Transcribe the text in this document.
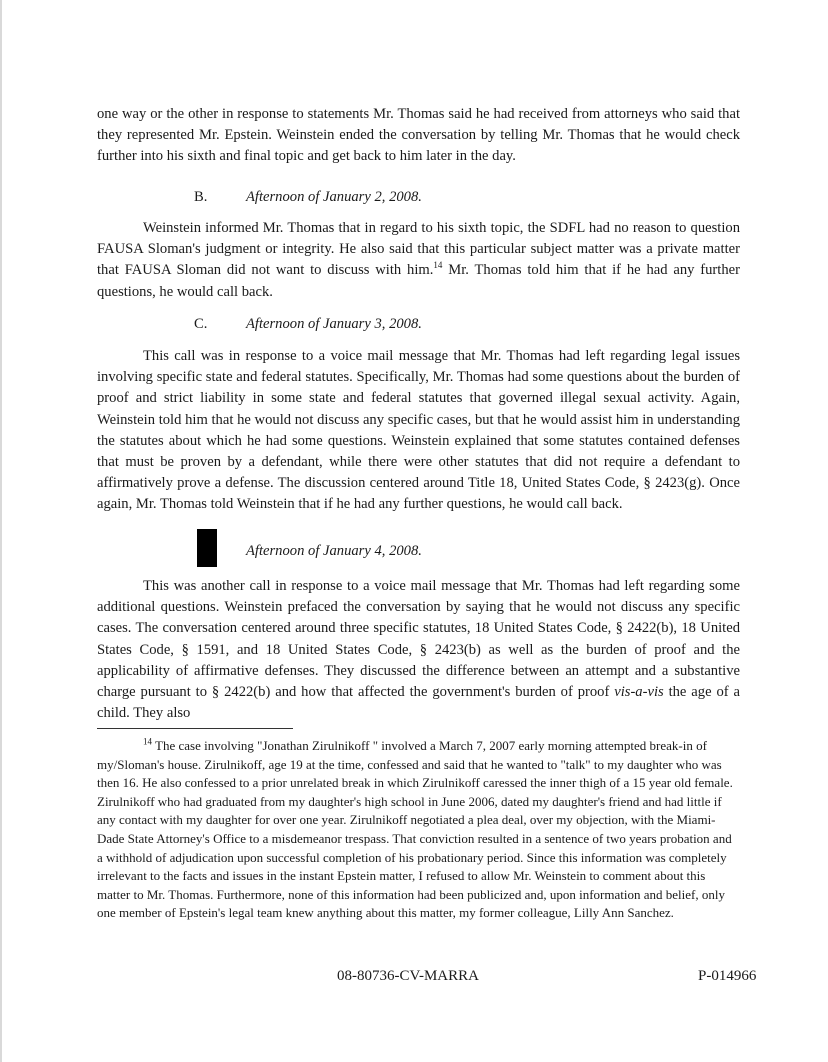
one way or the other in response to statements Mr. Thomas said he had received from attorneys who said that they represented Mr. Epstein. Weinstein ended the conversation by telling Mr. Thomas that he would check further into his sixth and final topic and get back to him later in the day.

B.	Afternoon of January 2, 2008.

Weinstein informed Mr. Thomas that in regard to his sixth topic, the SDFL had no reason to question FAUSA Sloman's judgment or integrity. He also said that this particular subject matter was a private matter that FAUSA Sloman did not want to discuss with him.$^{14}$ Mr. Thomas told him that if he had any further questions, he would call back.

C.	Afternoon of January 3, 2008.

This call was in response to a voice mail message that Mr. Thomas had left regarding legal issues involving specific state and federal statutes. Specifically, Mr. Thomas had some questions about the burden of proof and strict liability in some state and federal statutes that governed illegal sexual activity. Again, Weinstein told him that he would not discuss any specific cases, but that he would assist him in understanding the statutes about which he had some questions. Weinstein explained that some statutes contained defenses that must be proven by a defendant, while there were other statutes that did not require a defendant to affirmatively prove a defense. The discussion centered around Title 18, United States Code, § 2423(g). Once again, Mr. Thomas told Weinstein that if he had any further questions, he would call back.

Afternoon of January 4, 2008.

This was another call in response to a voice mail message that Mr. Thomas had left regarding some additional questions. Weinstein prefaced the conversation by saying that he would not discuss any specific cases. The conversation centered around three specific statutes, 18 United States Code, § 2422(b), 18 United States Code, § 1591, and 18 United States Code, § 2423(b) as well as the burden of proof and the applicability of affirmative defenses. They discussed the difference between an attempt and a substantive charge pursuant to § 2422(b) and how that affected the government's burden of proof vis-a-vis the age of a child. They also

$^{14}$ The case involving "Jonathan Zirulnikoff " involved a March 7, 2007 early morning attempted break-in of my/Sloman's house. Zirulnikoff, age 19 at the time, confessed and said that he wanted to "talk" to my daughter who was then 16. He also confessed to a prior unrelated break in which Zirulnikoff caressed the inner thigh of a 15 year old female. Zirulnikoff who had graduated from my daughter's high school in June 2006, dated my daughter's friend and had little if any contact with my daughter for over one year. Zirulnikoff negotiated a plea deal, over my objection, with the Miami-Dade State Attorney's Office to a misdemeanor trespass. That conviction resulted in a sentence of two years probation and a withhold of adjudication upon successful completion of his probationary period. Since this information was completely irrelevant to the facts and issues in the instant Epstein matter, I refused to allow Mr. Weinstein to comment about this matter to Mr. Thomas. Furthermore, none of this information had been publicized and, upon information and belief, only one member of Epstein's legal team knew anything about this matter, my former colleague, Lilly Ann Sanchez.

08-80736-CV-MARRA	P-014966
